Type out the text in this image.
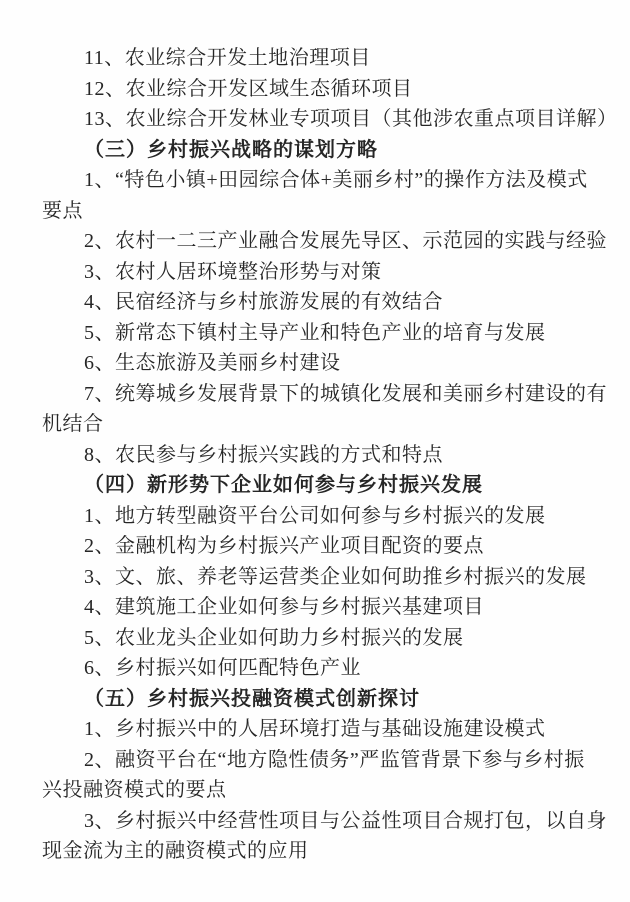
11、农业综合开发土地治理项目
12、农业综合开发区域生态循环项目
13、农业综合开发林业专项项目（其他涉农重点项目详解）
（三）乡村振兴战略的谋划方略
1、“特色小镇+田园综合体+美丽乡村”的操作方法及模式
要点
2、农村一二三产业融合发展先导区、示范园的实践与经验
3、农村人居环境整治形势与对策
4、民宿经济与乡村旅游发展的有效结合
5、新常态下镇村主导产业和特色产业的培育与发展
6、生态旅游及美丽乡村建设
7、统筹城乡发展背景下的城镇化发展和美丽乡村建设的有
机结合
8、农民参与乡村振兴实践的方式和特点
（四）新形势下企业如何参与乡村振兴发展
1、地方转型融资平台公司如何参与乡村振兴的发展
2、金融机构为乡村振兴产业项目配资的要点
3、文、旅、养老等运营类企业如何助推乡村振兴的发展
4、建筑施工企业如何参与乡村振兴基建项目
5、农业龙头企业如何助力乡村振兴的发展
6、乡村振兴如何匹配特色产业
（五）乡村振兴投融资模式创新探讨
1、乡村振兴中的人居环境打造与基础设施建设模式
2、融资平台在“地方隐性债务”严监管背景下参与乡村振
兴投融资模式的要点
3、乡村振兴中经营性项目与公益性项目合规打包，以自身
现金流为主的融资模式的应用
